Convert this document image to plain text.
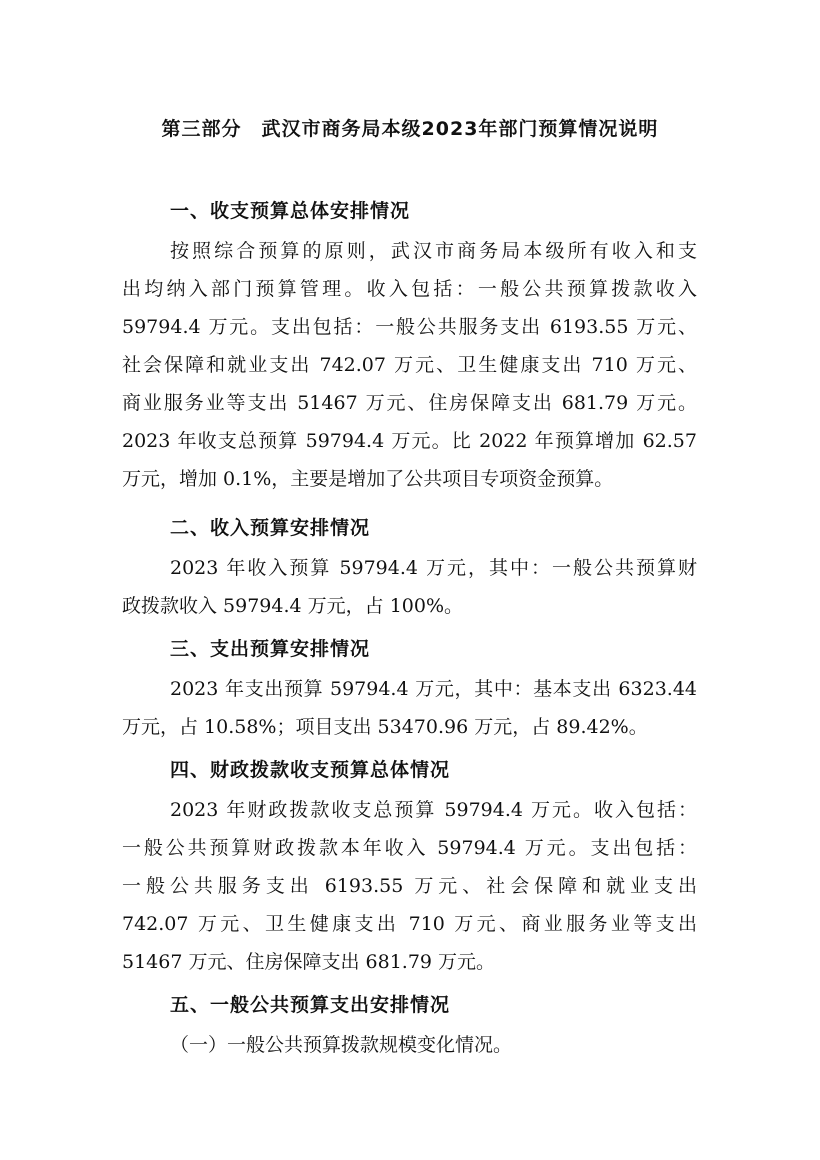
第三部分　武汉市商务局本级2023年部门预算情况说明
一、收支预算总体安排情况
按照综合预算的原则，武汉市商务局本级所有收入和支
出均纳入部门预算管理。收入包括：一般公共预算拨款收入
59794.4 万元。支出包括：一般公共服务支出 6193.55 万元、
社会保障和就业支出 742.07 万元、卫生健康支出 710 万元、
商业服务业等支出 51467 万元、住房保障支出 681.79 万元。
2023 年收支总预算 59794.4 万元。比 2022 年预算增加 62.57
万元，增加 0.1%，主要是增加了公共项目专项资金预算。
二、收入预算安排情况
2023 年收入预算 59794.4 万元，其中：一般公共预算财
政拨款收入 59794.4 万元，占 100%。
三、支出预算安排情况
2023 年支出预算 59794.4 万元，其中：基本支出 6323.44
万元，占 10.58%；项目支出 53470.96 万元，占 89.42%。
四、财政拨款收支预算总体情况
2023 年财政拨款收支总预算 59794.4 万元。收入包括：
一般公共预算财政拨款本年收入 59794.4 万元。支出包括：
一般公共服务支出 6193.55 万元、社会保障和就业支出
742.07 万元、卫生健康支出 710 万元、商业服务业等支出
51467 万元、住房保障支出 681.79 万元。
五、一般公共预算支出安排情况
（一）一般公共预算拨款规模变化情况。
